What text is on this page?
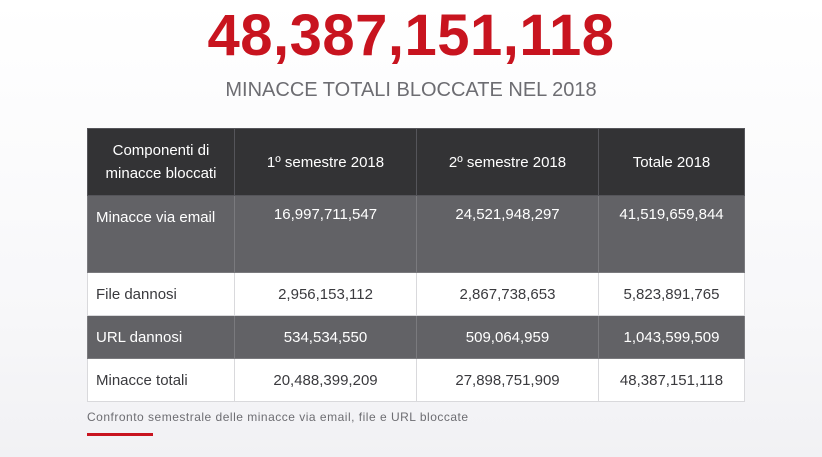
48,387,151,118
MINACCE TOTALI BLOCCATE NEL 2018
Componenti di minacce bloccati	1º semestre 2018	2º semestre 2018	Totale 2018
Minacce via email	16,997,711,547	24,521,948,297	41,519,659,844
File dannosi	2,956,153,112	2,867,738,653	5,823,891,765
URL dannosi	534,534,550	509,064,959	1,043,599,509
Minacce totali	20,488,399,209	27,898,751,909	48,387,151,118
Confronto semestrale delle minacce via email, file e URL bloccate
